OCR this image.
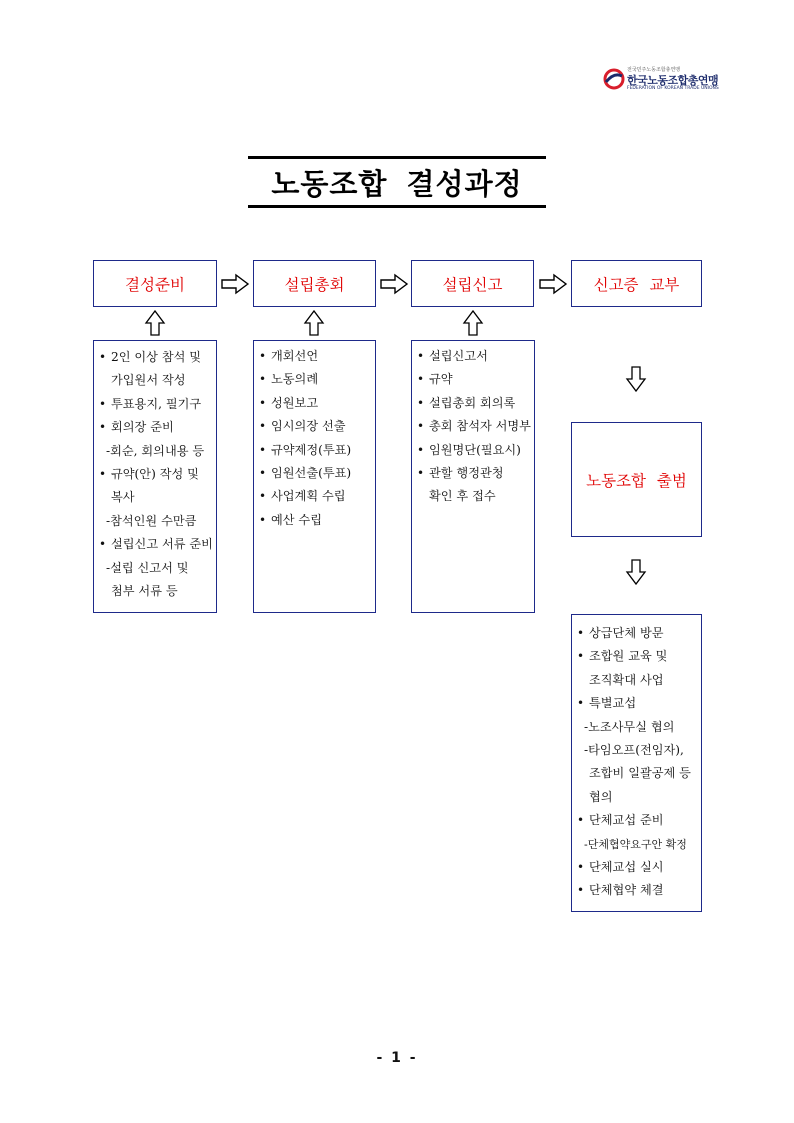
전국민주노동조합총연맹
한국노동조합총연맹
FEDERATION OF KOREAN TRADE UNIONS
노동조합 결성과정
결성준비	설립총회	설립신고	신고증 교부
• 2인 이상 참석 및
가입원서 작성
• 투표용지, 필기구
• 회의장 준비
-회순, 회의내용 등
• 규약(안) 작성 및
복사
-참석인원 수만큼
• 설립신고 서류 준비
-설립 신고서 및
첨부 서류 등
• 개회선언
• 노동의례
• 성원보고
• 임시의장 선출
• 규약제정(투표)
• 임원선출(투표)
• 사업계획 수립
• 예산 수립
• 설립신고서
• 규약
• 설립총회 회의록
• 총회 참석자 서명부
• 임원명단(필요시)
• 관할 행정관청
확인 후 접수
노동조합 출범
• 상급단체 방문
• 조합원 교육 및
조직확대 사업
• 특별교섭
-노조사무실 협의
-타임오프(전임자),
조합비 일괄공제 등
협의
• 단체교섭 준비
-단체협약요구안 확정
• 단체교섭 실시
• 단체협약 체결
- 1 -
